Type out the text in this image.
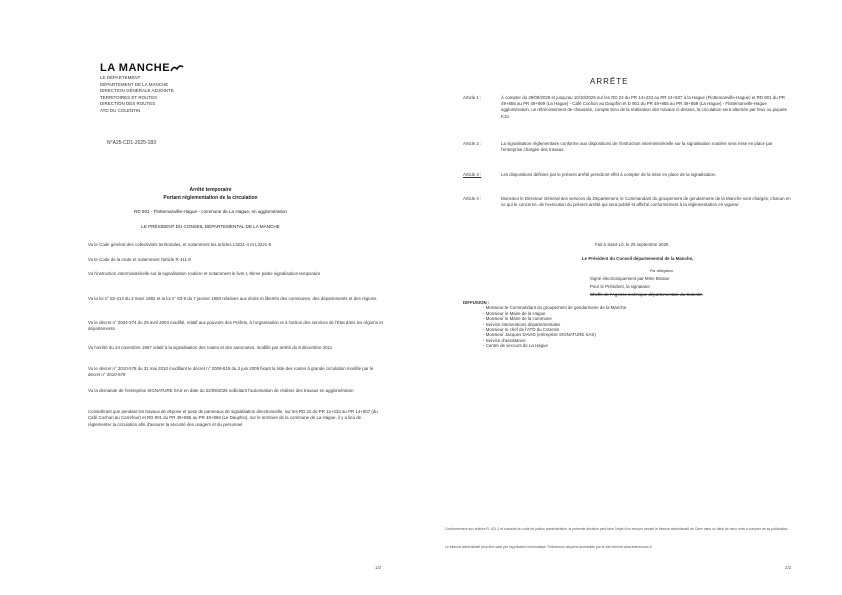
LA MANCHE
LE DÉPARTEMENT
DÉPARTEMENT DE LA MANCHE
DIRECTION GÉNÉRALE ADJOINTE
TERRITOIRES ET ROUTES
DIRECTION DES ROUTES
ATD DU COLENTIN
N°A25-CD1-2025-183
Arrêté temporaire
Portant réglementation de la circulation
RD 901 - Flottemanville-Hague - commune de La Hague, en agglomération
LE PRÉSIDENT DU CONSEIL DÉPARTEMENTAL DE LA MANCHE
Vu le Code général des collectivités territoriales, et notamment les articles L3221-4 et L3221-5
Vu le Code de la route et notamment l'article R 411-8
Vu l'instruction interministérielle sur la signalisation routière et notamment le livre I, 8ème partie signalisation temporaire
Vu la loi n° 82-213 du 2 mars 1982 et la loi n° 83-8 du 7 janvier 1983 relatives aux droits et libertés des communes, des départements et des régions
Vu le décret n° 2004-374 du 29 avril 2004 modifié, relatif aux pouvoirs des Préfets, à l'organisation et à l'action des services de l'État dans les régions et départements
Vu l'arrêté du 24 novembre 1967 relatif à la signalisation des routes et des autoroutes, modifié par arrêté du 8 décembre 2011
Vu le décret n° 2010-578 du 31 mai 2010 modifiant le décret n° 2009-615 du 3 juin 2009 fixant la liste des routes à grande circulation modifié par le décret n° 2010-578
Vu la demande de l'entreprise SIGNATURE SAS en date du 22/09/2025 sollicitant l'autorisation de réaliser des travaux en agglomération
Considérant que pendant les travaux de dépose et pose de panneaux de signalisation directionnelle, sur les RD 22 du PR 14+433 au PR 14+507 (du Café Cochon au Carrefour) et RD 901 du PR 49+855 au PR 49+869 (Le Dauphin), sur le territoire de la commune de La Hague, il y a lieu de réglementer la circulation afin d'assurer la sécurité des usagers et du personnel
1/2
ARRÊTE
Article 1 :	À compter du 29/09/2025 et jusqu'au 10/10/2025 sur les RD 22 du PR 14+433 au PR 14+507 à la Hague (Flottemanville-Hague) et RD 901 du PR 49+855 au PR 49+869 (La Hague) - Café Cochon au Dauphin et D 901 du PR 49+855 au PR 49+869 (La Hague) - Flottemanville-Hague agglomération, un rétrécissement de chaussée, compte tenu de la réalisation des travaux ci-dessus, la circulation sera alternée par feux ou piquets K10.
Article 2 :	La signalisation réglementaire conforme aux dispositions de l'instruction interministérielle sur la signalisation routière sera mise en place par l'entreprise chargée des travaux.
Article 3 :	Les dispositions définies par le présent arrêté prendront effet à compter de la mise en place de la signalisation.
Article 4 :	Monsieur le Directeur Général des services du Département, le Commandant du groupement de gendarmerie de la Manche sont chargés, chacun en ce qui le concerne, de l'exécution du présent arrêté qui sera publié et affiché conformément à la réglementation en vigueur.
Fait à Saint-Lô, le 25 septembre 2025
Le Président du Conseil départemental de la Manche,
Par délégation,
Signé électroniquement par Mme Brasse
Pour le Président, la signataire
Cheffe de l'Agence technique départementale du Cotentin
DIFFUSION :
- Monsieur le Commandant du groupement de gendarmerie de la Manche
- Monsieur le Maire de la Hague
- Monsieur le Maire de la commune
- Service interventions départementales
- Monsieur le chef de l'ATD du Cotentin
- Monsieur Jacques DAVID (entreprise SIGNATURE SAS)
- Service d'assistance
- Centre de secours de La Hague
Conformément aux articles R. 421-1 et suivants du code de justice administrative, la présente décision peut faire l'objet d'un recours devant le tribunal administratif de Caen dans un délai de deux mois à compter de sa publication.
Le tribunal administratif peut être saisi par l'application informatique Télérecours citoyens accessible par le site internet www.telerecours.fr
2/2
